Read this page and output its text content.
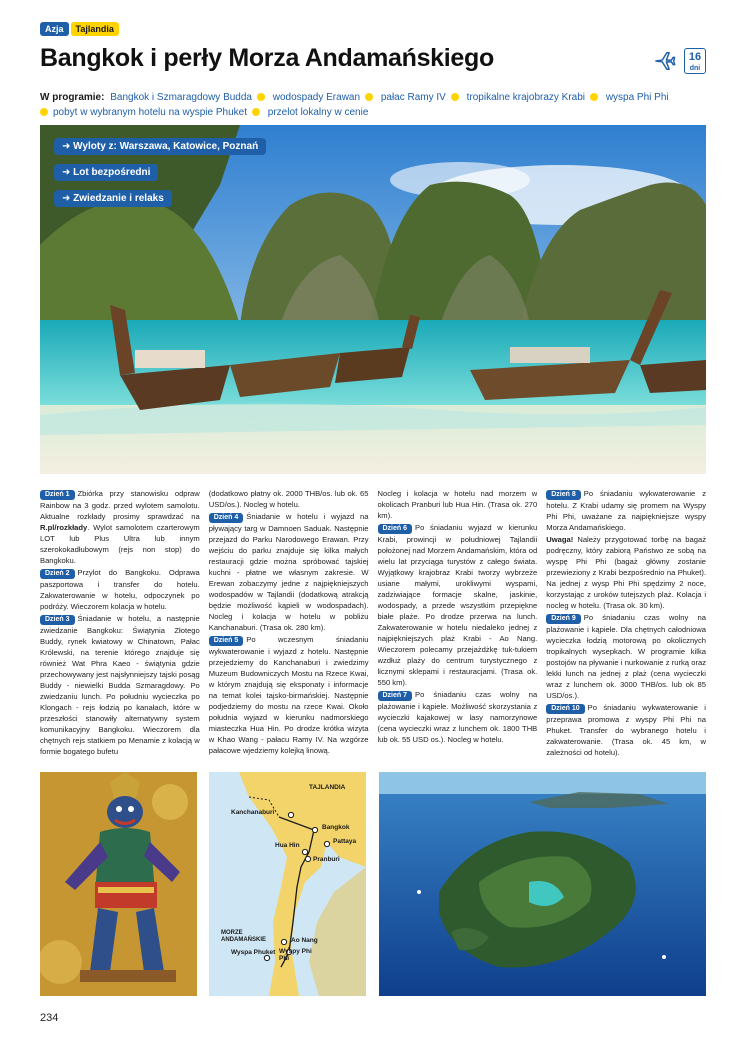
Azja	Tajlandia
Bangkok i perły Morza Andamańskiego	16
dni
W programie: Bangkok i Szmaragdowy Budda wodospady Erawan pałac Ramy IV tropikalne krajobrazy Krabi wyspa Phi Phi
pobyt w wybranym hotelu na wyspie Phuket przelot lokalny w cenie
➜ Wyloty z: Warszawa, Katowice, Poznań
➜ Lot bezpośredni
➜ Zwiedzanie i relaks

Dzień 1 Zbiórka przy stanowisku odpraw Rainbow na 3 godz. przed wylotem samolotu. Aktualne rozkłady prosimy sprawdzać na R.pl/rozkłady. Wylot samolotem czarterowym LOT lub Plus Ultra lub innym szerokokadłubowym (rejs non stop) do Bangkoku.

Dzień 2 Przylot do Bangkoku. Odprawa paszportowa i transfer do hotelu. Zakwaterowanie w hotelu, odpoczynek po podróży. Wieczorem kolacja w hotelu.

Dzień 3 Śniadanie w hotelu, a następnie zwiedzanie Bangkoku: Świątynia Złotego Buddy, rynek kwiatowy w Chinatown, Pałac Królewski, na terenie którego znajduje się również Wat Phra Kaeo - świątynia gdzie przechowywany jest najsłynniejszy tajski posąg Buddy - niewielki Budda Szmaragdowy. Po zwiedzaniu lunch. Po południu wycieczka po Klongach - rejs łodzią po kanałach, które w przeszłości stanowiły alternatywny system komunikacyjny Bangkoku. Wieczorem dla chętnych rejs statkiem po Menamie z kolacją w formie bogatego bufetu

(dodatkowo płatny ok. 2000 THB/os. lub ok. 65 USD/os.). Nocleg w hotelu.

Dzień 4 Śniadanie w hotelu i wyjazd na pływający targ w Damnoen Saduak. Następnie przejazd do Parku Narodowego Erawan. Przy wejściu do parku znajduje się kilka małych restauracji gdzie można spróbować tajskiej kuchni - płatne we własnym zakresie. W Erewan zobaczymy jedne z najpiękniejszych wodospadów w Tajlandii (dodatkową atrakcją będzie możliwość kąpieli w wodospadach). Nocleg i kolacja w hotelu w pobliżu Kanchanaburi. (Trasa ok. 280 km).

Dzień 5 Po wczesnym śniadaniu wykwaterowanie i wyjazd z hotelu. Następnie przejedziemy do Kanchanaburi i zwiedzimy Muzeum Budowniczych Mostu na Rzece Kwai, w którym znajdują się eksponaty i informacje na temat kolei tajsko-birmańskiej. Następnie podjedziemy do mostu na rzece Kwai. Około południa wyjazd w kierunku nadmorskiego miasteczka Hua Hin. Po drodze krótka wizyta w Khao Wang - pałacu Ramy IV. Na wzgórze pałacowe wjedziemy kolejką linową.

Nocleg i kolacja w hotelu nad morzem w okolicach Pranburi lub Hua Hin. (Trasa ok. 270 km).

Dzień 6 Po śniadaniu wyjazd w kierunku Krabi, prowincji w południowej Tajlandii położonej nad Morzem Andamańskim, która od wielu lat przyciąga turystów z całego świata. Wyjątkowy krajobraz Krabi tworzy wybrzeże usiane małymi, urokliwymi wyspami, zadziwiające formacje skalne, jaskinie, wodospady, a przede wszystkim przepiękne białe plaże. Po drodze przerwa na lunch. Zakwaterowanie w hotelu niedaleko jednej z najpiękniejszych plaż Krabi - Ao Nang. Wieczorem polecamy przejażdżkę tuk-tukiem wzdłuż plaży do centrum turystycznego z licznymi sklepami i restauracjami. (Trasa ok. 550 km).

Dzień 7 Po śniadaniu czas wolny na plażowanie i kąpiele. Możliwość skorzystania z wycieczki kajakowej w lasy namorzynowe (cena wycieczki wraz z lunchem ok. 1800 THB lub ok. 55 USD os.). Nocleg w hotelu.

Dzień 8 Po śniadaniu wykwaterowanie z hotelu. Z Krabi udamy się promem na Wyspy Phi Phi, uważane za najpiękniejsze wyspy Morza Andamańskiego.

Uwaga! Należy przygotować torbę na bagaż podręczny, który zabiorą Państwo ze sobą na wyspę Phi Phi (bagaż główny zostanie przewieziony z Krabi bezpośrednio na Phuket). Na jednej z wysp Phi Phi spędzimy 2 noce, korzystając z uroków tutejszych plaż. Kolacja i nocleg w hotelu. (Trasa ok. 30 km).

Dzień 9 Po śniadaniu czas wolny na plażowanie i kąpiele. Dla chętnych całodniowa wycieczka łodzią motorową po okolicznych tropikalnych wysepkach. W programie kilka postojów na pływanie i nurkowanie z rurką oraz lekki lunch na jednej z plaż (cena wycieczki wraz z lunchem ok. 3000 THB/os. lub ok 85 USD/os.).

Dzień 10 Po śniadaniu wykwaterowanie i przeprawa promowa z wyspy Phi Phi na Phuket. Transfer do wybranego hotelu i zakwaterowanie. (Trasa ok. 45 km, w zależności od hotelu).

TAJLANDIA
Kanchanaburi
Bangkok
Hua Hin
Pattaya
Pranburi
Ao Nang
Wyspy Phi Phi
Wyspa Phuket
MORZE ANDAMAŃSKIE
234
